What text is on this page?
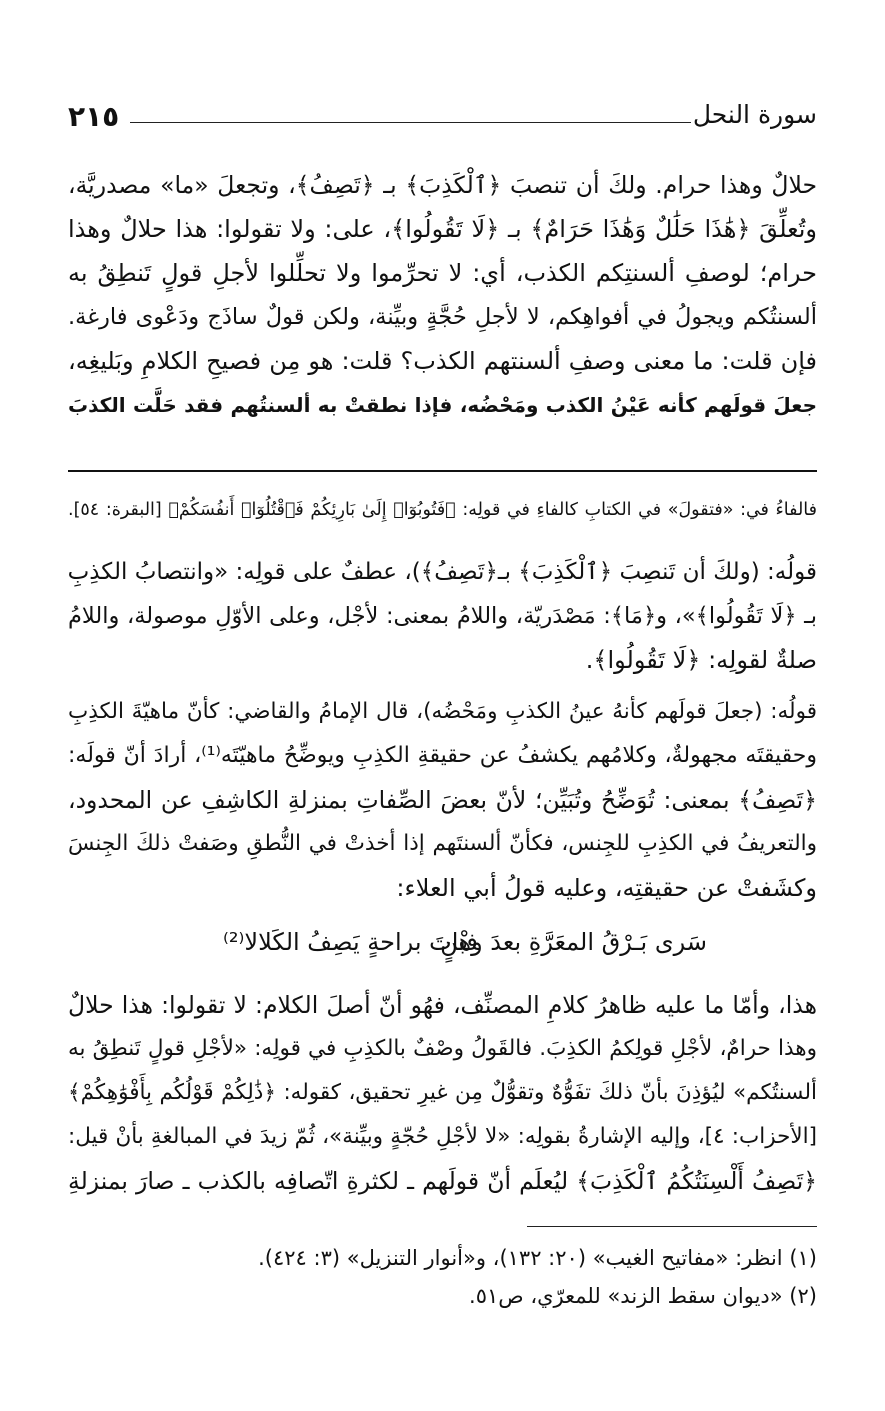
سورة النحل
٢١٥
حلالٌ وهذا حرام. ولكَ أن تنصبَ ﴿ٱلْكَذِبَ﴾ بـ ﴿تَصِفُ﴾، وتجعلَ «ما» مصدريَّة،
وتُعلِّقَ ﴿هَٰذَا حَلَٰلٌ وَهَٰذَا حَرَامٌ﴾ بـ ﴿لَا تَقُولُوا﴾، على: ولا تقولوا: هذا حلالٌ وهذا
حرام؛ لوصفِ ألسنتِكم الكذب، أي: لا تحرِّموا ولا تحلِّلوا لأجلِ قولٍ تَنطِقُ به
ألسنتُكم ويجولُ في أفواهِكم، لا لأجلِ حُجَّةٍ وبيِّنة، ولكن قولٌ ساذَج ودَعْوى فارغة.
فإن قلت: ما معنى وصفِ ألسنتهم الكذب؟ قلت: هو مِن فصيحِ الكلامِ وبَليغِه،
جعلَ قولَهم كأنه عَيْنُ الكذب ومَحْضُه، فإذا نطقتْ به ألسنتُهم فقد حَلَّت الكذبَ
فالفاءُ في: «فتقولَ» في الكتابِ كالفاءِ في قولِه: ﴿فَتُوبُوٓا۟ إِلَىٰ بَارِئِكُمْ فَٱقْتُلُوٓا۟ أَنفُسَكُمْ﴾ [البقرة: ٥٤].
قولُه: (ولكَ أن تَنصِبَ ﴿ٱلْكَذِبَ﴾ بـ﴿تَصِفُ﴾)، عطفٌ على قولِه: «وانتصابُ الكذِبِ
بـ ﴿لَا تَقُولُوا﴾»، و﴿مَا﴾: مَصْدَريّة، واللامُ بمعنى: لأجْل، وعلى الأوّلِ موصولة، واللامُ
صلةٌ لقولِه: ﴿لَا تَقُولُوا﴾.
قولُه: (جعلَ قولَهم كأنهُ عينُ الكذبِ ومَحْضُه)، قال الإمامُ والقاضي: كأنّ ماهيّةَ الكذِبِ
وحقيقتَه مجهولةٌ، وكلامُهم يكشفُ عن حقيقةِ الكذِبِ ويوضِّحُ ماهيّتَه⁽¹⁾، أرادَ أنّ قولَه:
﴿تَصِفُ﴾ بمعنى: تُوَضِّحُ وتُبَيِّن؛ لأنّ بعضَ الصِّفاتِ بمنزلةِ الكاشِفِ عن المحدود،
والتعريفُ في الكذِبِ للجِنس، فكأنّ ألسنتَهم إذا أخذتْ في النُّطقِ وصَفتْ ذلكَ الجِنسَ
وكشَفتْ عن حقيقتِه، وعليه قولُ أبي العلاء:
سَرى بَـرْقُ المعَرَّةِ بعدَ وهْنٍ
فباتَ براحةٍ يَصِفُ الكَلالا⁽²⁾
هذا، وأمّا ما عليه ظاهرُ كلامِ المصنِّف، فهُو أنّ أصلَ الكلام: لا تقولوا: هذا حلالٌ
وهذا حرامٌ، لأجْلِ قولِكمُ الكذِبَ. فالقَولُ وصْفٌ بالكذِبِ في قولِه: «لأجْلِ قولٍ تَنطِقُ به
ألسنتُكم» ليُؤذِنَ بأنّ ذلكَ تفَوُّهٌ وتقوُّلٌ مِن غيرِ تحقيق، كقوله: ﴿ذَٰلِكُمْ قَوْلُكُم بِأَفْوَٰهِكُمْ﴾
[الأحزاب: ٤]، وإليه الإشارةُ بقولِه: «لا لأجْلِ حُجّةٍ وبيِّنة»، ثُمّ زيدَ في المبالغةِ بأنْ قيل:
﴿تَصِفُ أَلْسِنَتُكُمُ ٱلْكَذِبَ﴾ ليُعلَم أنّ قولَهم ـ لكثرةِ اتّصافِه بالكذب ـ صارَ بمنزلةِ
(١) انظر: «مفاتيح الغيب» (٢٠: ١٣٢)، و«أنوار التنزيل» (٣: ٤٢٤).
(٢) «ديوان سقط الزند» للمعرّي، ص٥١.
